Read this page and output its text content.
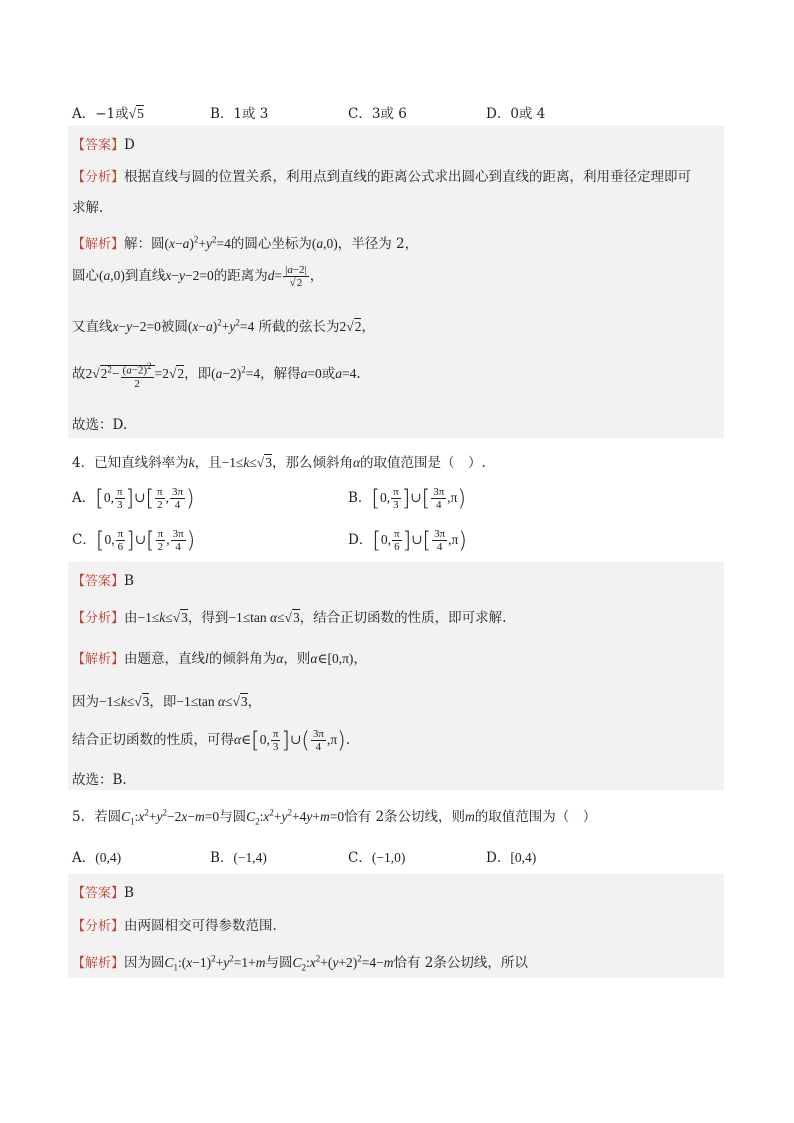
A．−1或√5	B．1或 3	C．3或 6	D．0或 4
【答案】D
【分析】根据直线与圆的位置关系，利用点到直线的距离公式求出圆心到直线的距离，利用垂径定理即可
求解.
【解析】解：圆$(x-a)^2+y^2=4$的圆心坐标为(a,0)，半径为 2，
圆心(a,0)到直线x−y−2=0的距离为$d= \frac{|a-2|}{√2}$ ，
又直线x−y−2=0被圆$(x-a)^2+y^2=4$ 所截的弦长为2√2，
故$2√2^2- \frac{(a-2)^2}{2} =2√2$，即$(a-2)^2=4$，解得a=0或a=4.
故选：D.
4．已知直线斜率为k，且−1≤k≤√3，那么倾斜角α的取值范围是（　）.
A．[0, $\frac{\pi}{3}$ ]∪[ $\frac{\pi}{2}$ , $\frac{3\pi}{4}$ )	B．[0, $\frac{\pi}{3}$ ]∪[ $\frac{3\pi}{4} ,\pi$)
C．[0, $\frac{\pi}{6}$ ]∪[ $\frac{\pi}{2}$ , $\frac{3\pi}{4}$ )	D．[0, $\frac{\pi}{6}$ ]∪[ $\frac{3\pi}{4} ,\pi$)
【答案】B
【分析】由−1≤k≤√3，得到−1≤tan α≤√3，结合正切函数的性质，即可求解.
【解析】由题意，直线l的倾斜角为α，则α∈[0,π)，
因为−1≤k≤√3，即−1≤tan α≤√3，
结合正切函数的性质，可得α∈[0, $\frac{\pi}{3}$ ]∪( $\frac{3\pi}{4} ,\pi$).
故选：B.
5．若圆$C_1:x^2+y^2-2x-m=0$与圆$C_2:x^2+y^2+4y+m=0$恰有 2条公切线，则m的取值范围为（　）
A．(0,4)	B．(−1,4)	C．(−1,0)	D．[0,4)
【答案】B
【分析】由两圆相交可得参数范围.
【解析】因为圆$C_1:(x-1)^2+y^2=1+m$与圆$C_2:x^2+(y+2)^2=4-m$恰有 2条公切线，所以
